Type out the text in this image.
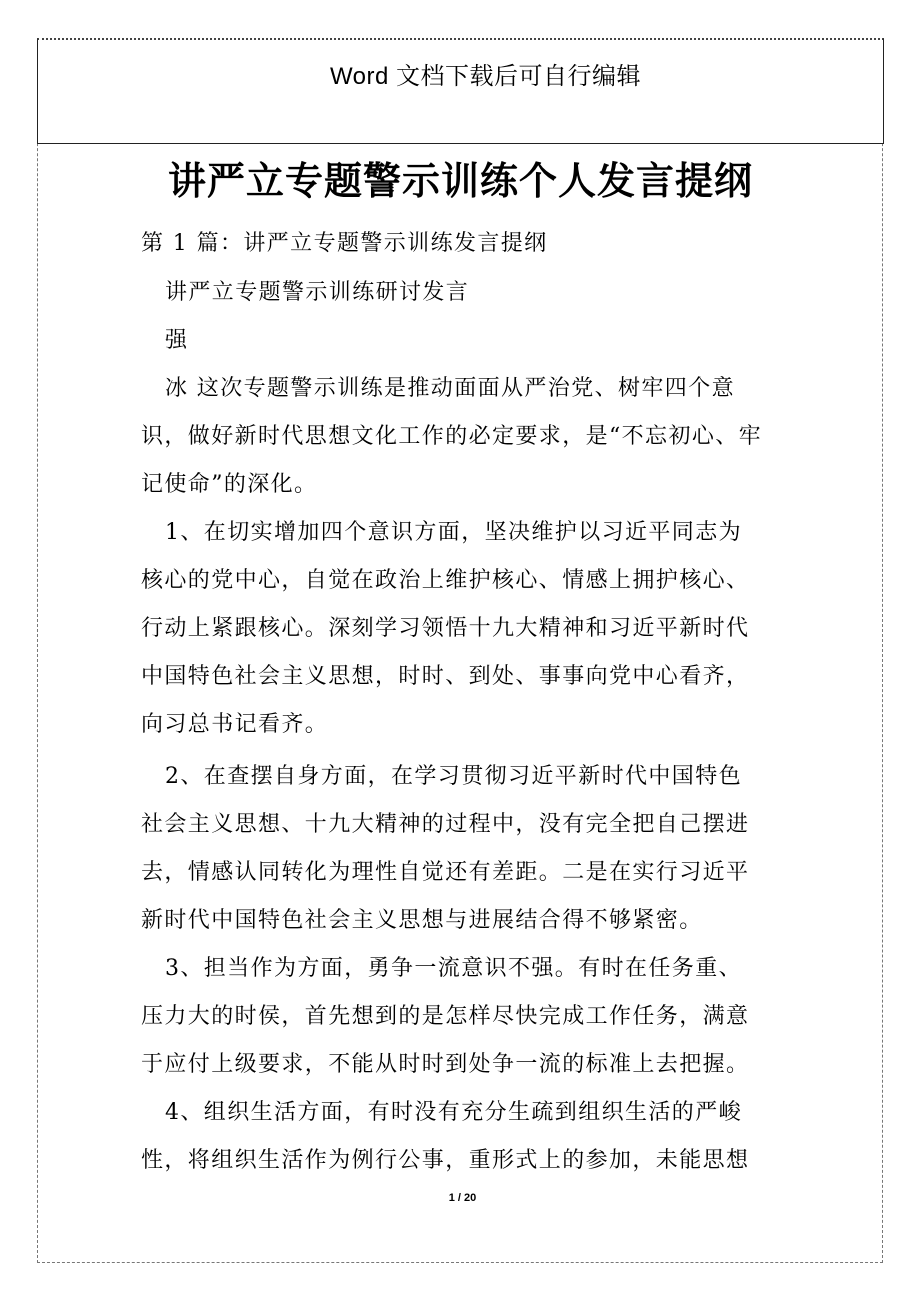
Word 文档下载后可自行编辑
讲严立专题警示训练个人发言提纲
第 1 篇：讲严立专题警示训练发言提纲
讲严立专题警示训练研讨发言
强
冰 这次专题警示训练是推动面面从严治党、树牢四个意
识，做好新时代思想文化工作的必定要求，是“不忘初心、牢
记使命”的深化。
1、在切实增加四个意识方面，坚决维护以习近平同志为
核心的党中心，自觉在政治上维护核心、情感上拥护核心、
行动上紧跟核心。深刻学习领悟十九大精神和习近平新时代
中国特色社会主义思想，时时、到处、事事向党中心看齐，
向习总书记看齐。
2、在查摆自身方面，在学习贯彻习近平新时代中国特色
社会主义思想、十九大精神的过程中，没有完全把自己摆进
去，情感认同转化为理性自觉还有差距。二是在实行习近平
新时代中国特色社会主义思想与进展结合得不够紧密。
3、担当作为方面，勇争一流意识不强。有时在任务重、
压力大的时侯，首先想到的是怎样尽快完成工作任务，满意
于应付上级要求，不能从时时到处争一流的标准上去把握。
4、组织生活方面，有时没有充分生疏到组织生活的严峻
性，将组织生活作为例行公事，重形式上的参加，未能思想
1 / 20
